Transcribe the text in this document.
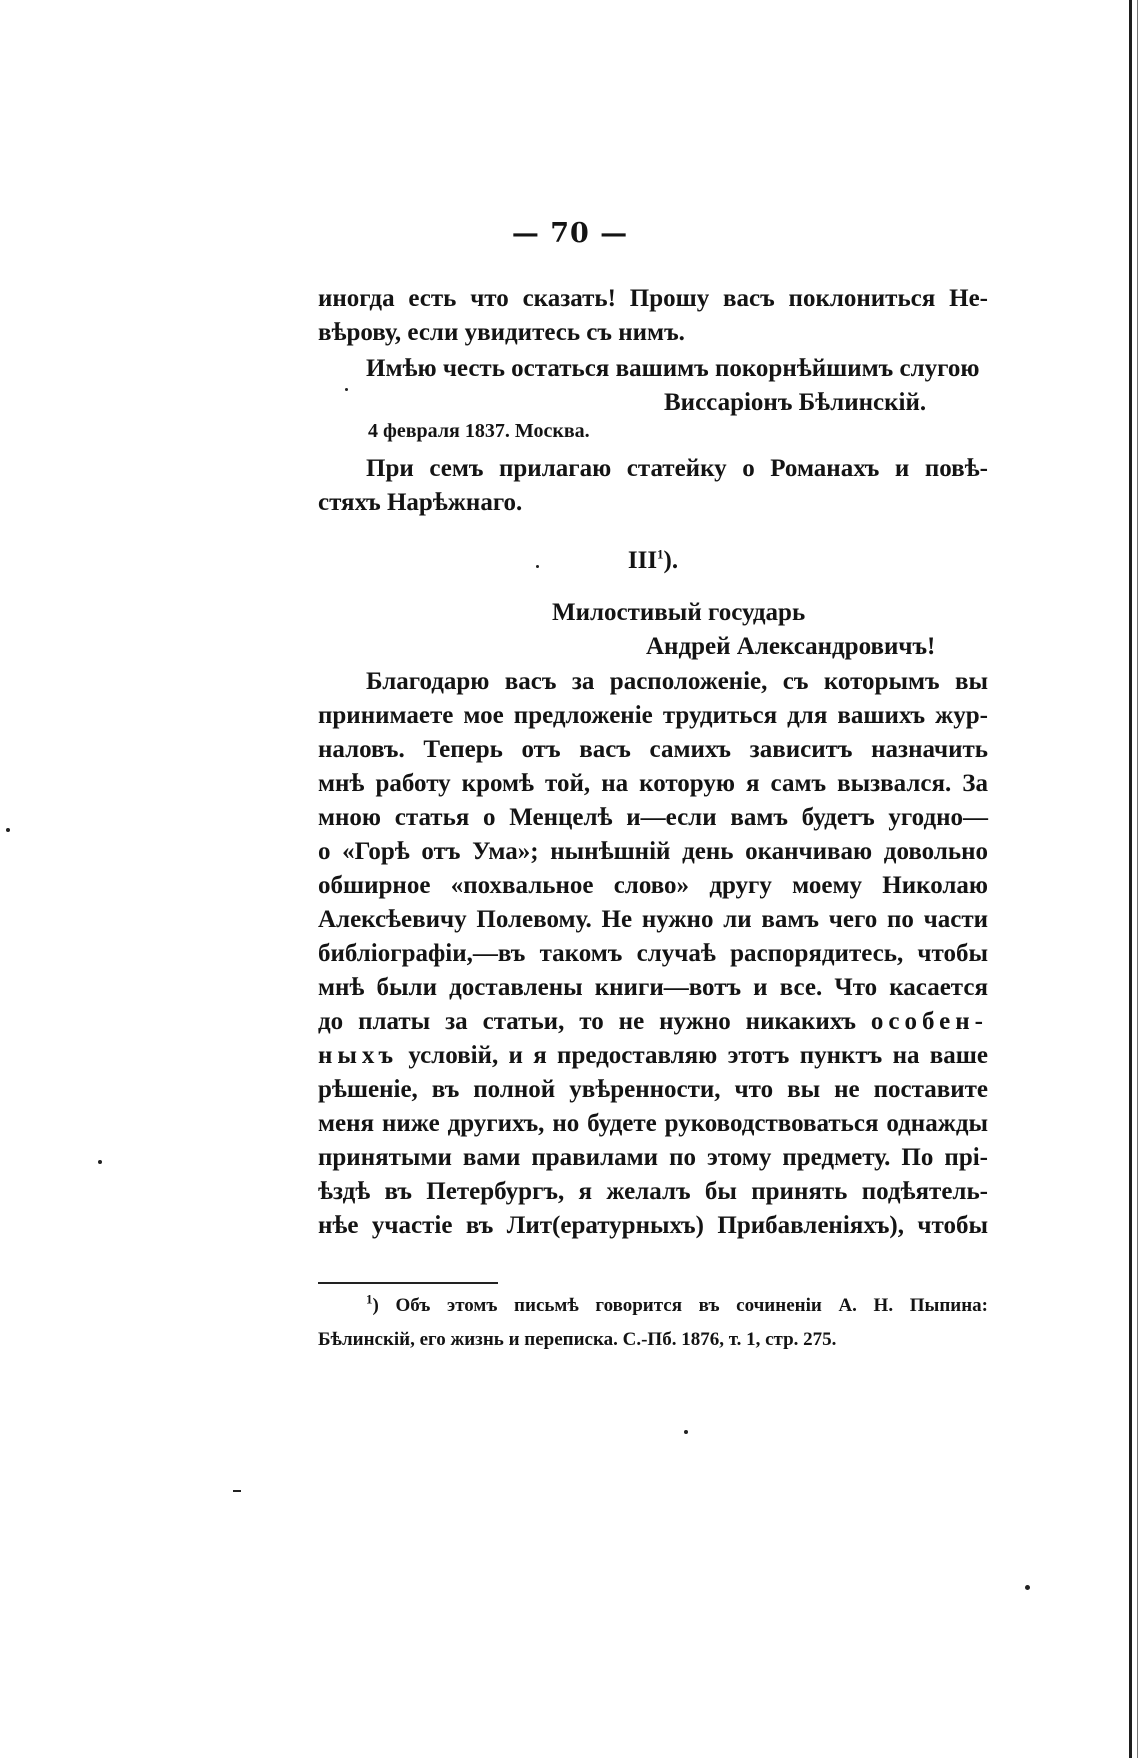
— 70 —
иногда есть что сказать! Прошу васъ поклониться Не-
вѣрову, если увидитесь съ нимъ.
Имѣю честь остаться вашимъ покорнѣйшимъ слугою
Виссаріонъ Бѣлинскій.
4 февраля 1837. Москва.
При семъ прилагаю статейку о Романахъ и повѣ-
стяхъ Нарѣжнаго.
III$^1$).
Милостивый государь
Андрей Александровичъ!
Благодарю васъ за расположеніе, съ которымъ вы
принимаете мое предложеніе трудиться для вашихъ жур-
наловъ. Теперь отъ васъ самихъ зависитъ назначить
мнѣ работу кромѣ той, на которую я самъ вызвался. За
мною статья о Менцелѣ и—если вамъ будетъ угодно—
о «Горѣ отъ Ума»; нынѣшній день оканчиваю довольно
обширное «похвальное слово» другу моему Николаю
Алексѣевичу Полевому. Не нужно ли вамъ чего по части
библіографіи,—въ такомъ случаѣ распорядитесь, чтобы
мнѣ были доставлены книги—вотъ и все. Что касается
до платы за статьи, то не нужно никакихъ особен-
ныхъ условій, и я предоставляю этотъ пунктъ на ваше
рѣшеніе, въ полной увѣренности, что вы не поставите
меня ниже другихъ, но будете руководствоваться однажды
принятыми вами правилами по этому предмету. По прі-
ѣздѣ въ Петербургъ, я желалъ бы принять подѣятель-
нѣе участіе въ Лит(ературныхъ) Прибавленіяхъ), чтобы
$^1$) Объ этомъ письмѣ говорится въ сочиненіи А. Н. Пыпина:
Бѣлинскій, его жизнь и переписка. С.-Пб. 1876, т. 1, стр. 275.
